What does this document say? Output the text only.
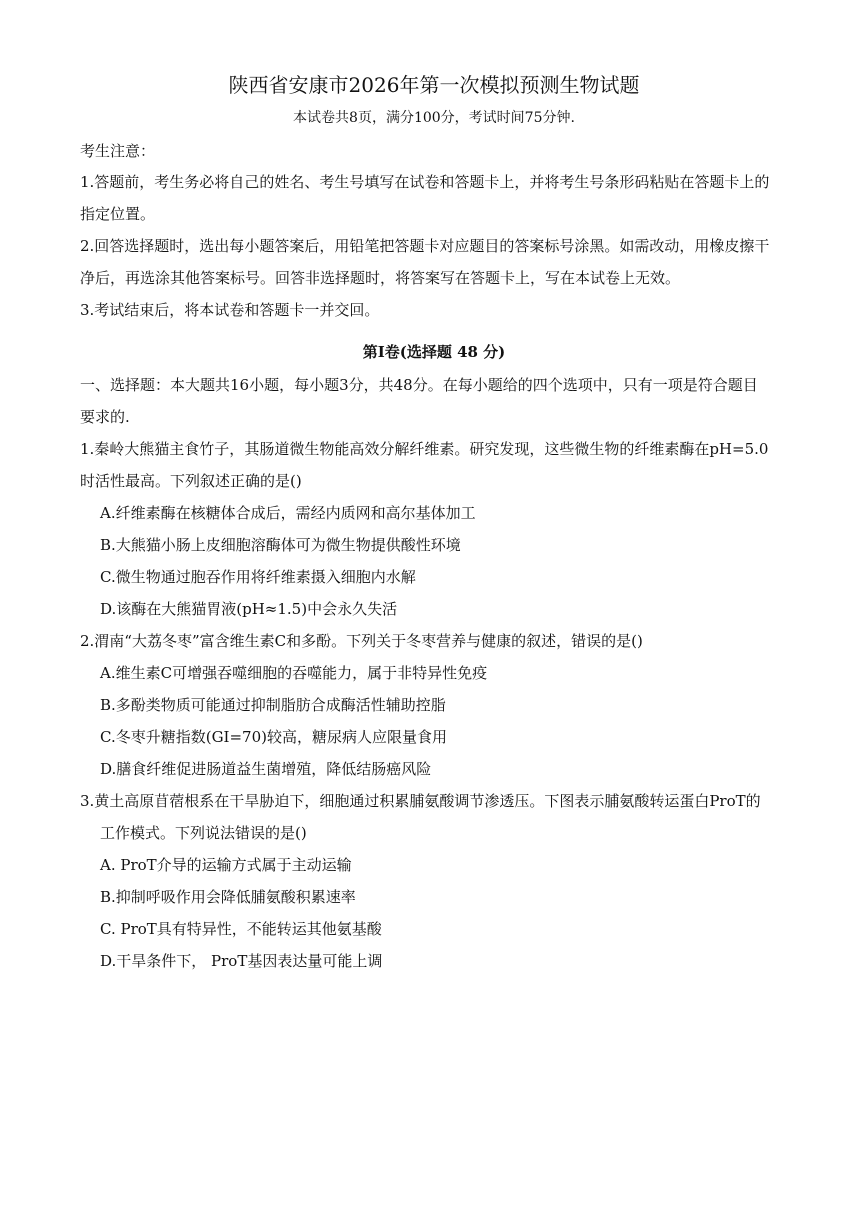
陕西省安康市2026年第一次模拟预测生物试题
本试卷共8页，满分100分，考试时间75分钟.
考生注意：
1.答题前，考生务必将自己的姓名、考生号填写在试卷和答题卡上，并将考生号条形码粘贴在答题卡上的
指定位置。
2.回答选择题时，选出每小题答案后，用铅笔把答题卡对应题目的答案标号涂黑。如需改动，用橡皮擦干
净后，再选涂其他答案标号。回答非选择题时，将答案写在答题卡上，写在本试卷上无效。
3.考试结束后，将本试卷和答题卡一并交回。
第Ⅰ卷(选择题 48 分)
一、选择题：本大题共16小题，每小题3分，共48分。在每小题给的四个选项中，只有一项是符合题目
要求的.
1.秦岭大熊猫主食竹子，其肠道微生物能高效分解纤维素。研究发现，这些微生物的纤维素酶在pH=5.0
时活性最高。下列叙述正确的是()
A.纤维素酶在核糖体合成后，需经内质网和高尔基体加工
B.大熊猫小肠上皮细胞溶酶体可为微生物提供酸性环境
C.微生物通过胞吞作用将纤维素摄入细胞内水解
D.该酶在大熊猫胃液(pH≈1.5)中会永久失活
2.渭南“大荔冬枣”富含维生素C和多酚。下列关于冬枣营养与健康的叙述，错误的是()
A.维生素C可增强吞噬细胞的吞噬能力，属于非特异性免疫
B.多酚类物质可能通过抑制脂肪合成酶活性辅助控脂
C.冬枣升糖指数(GI=70)较高，糖尿病人应限量食用
D.膳食纤维促进肠道益生菌增殖，降低结肠癌风险
3.黄土高原苜蓿根系在干旱胁迫下，细胞通过积累脯氨酸调节渗透压。下图表示脯氨酸转运蛋白ProT的
工作模式。下列说法错误的是()
A. ProT介导的运输方式属于主动运输
B.抑制呼吸作用会降低脯氨酸积累速率
C. ProT具有特异性，不能转运其他氨基酸
D.干旱条件下， ProT基因表达量可能上调
